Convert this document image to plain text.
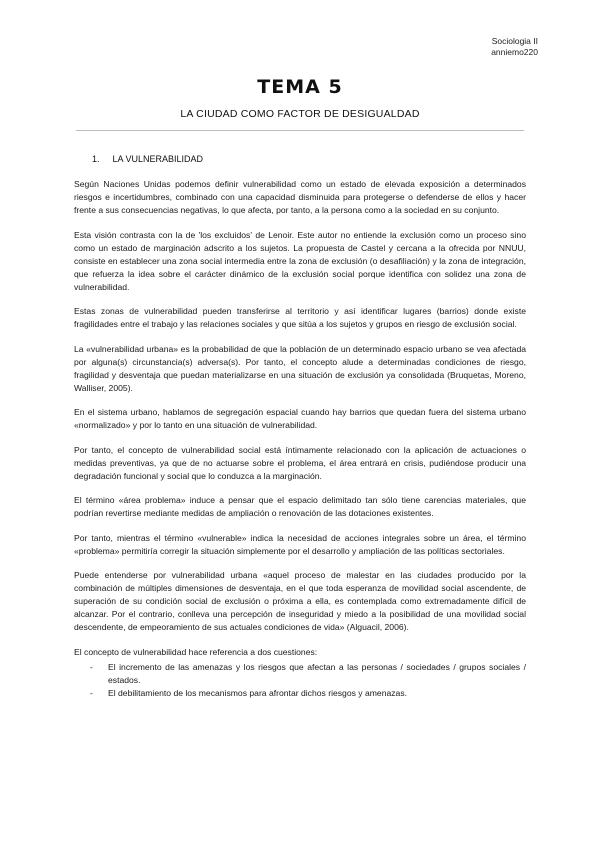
Sociologia II
anniemo220
TEMA 5
LA CIUDAD COMO FACTOR DE DESIGUALDAD
1. LA VULNERABILIDAD

Según Naciones Unidas podemos definir vulnerabilidad como un estado de elevada exposición a determinados riesgos e incertidumbres, combinado con una capacidad disminuida para protegerse o defenderse de ellos y hacer frente a sus consecuencias negativas, lo que afecta, por tanto, a la persona como a la sociedad en su conjunto.

Esta visión contrasta con la de 'los excluidos' de Lenoir. Este autor no entiende la exclusión como un proceso sino como un estado de marginación adscrito a los sujetos. La propuesta de Castel y cercana a la ofrecida por NNUU, consiste en establecer una zona social intermedia entre la zona de exclusión (o desafiliación) y la zona de integración, que refuerza la idea sobre el carácter dinámico de la exclusión social porque identifica con solidez una zona de vulnerabilidad.

Estas zonas de vulnerabilidad pueden transferirse al territorio y así identificar lugares (barrios) donde existe fragilidades entre el trabajo y las relaciones sociales y que sitúa a los sujetos y grupos en riesgo de exclusión social.

La «vulnerabilidad urbana» es la probabilidad de que la población de un determinado espacio urbano se vea afectada por alguna(s) circunstancia(s) adversa(s). Por tanto, el concepto alude a determinadas condiciones de riesgo, fragilidad y desventaja que puedan materializarse en una situación de exclusión ya consolidada (Bruquetas, Moreno, Walliser, 2005).

En el sistema urbano, hablamos de segregación espacial cuando hay barrios que quedan fuera del sistema urbano «normalizado» y por lo tanto en una situación de vulnerabilidad.

Por tanto, el concepto de vulnerabilidad social está íntimamente relacionado con la aplicación de actuaciones o medidas preventivas, ya que de no actuarse sobre el problema, el área entrará en crisis, pudiéndose producir una degradación funcional y social que lo conduzca a la marginación.

El término «área problema» induce a pensar que el espacio delimitado tan sólo tiene carencias materiales, que podrían revertirse mediante medidas de ampliación o renovación de las dotaciones existentes.

Por tanto, mientras el término «vulnerable» indica la necesidad de acciones integrales sobre un área, el término «problema» permitiría corregir la situación simplemente por el desarrollo y ampliación de las políticas sectoriales.

Puede entenderse por vulnerabilidad urbana «aquel proceso de malestar en las ciudades producido por la combinación de múltiples dimensiones de desventaja, en el que toda esperanza de movilidad social ascendente, de superación de su condición social de exclusión o próxima a ella, es contemplada como extremadamente difícil de alcanzar. Por el contrario, conlleva una percepción de inseguridad y miedo a la posibilidad de una movilidad social descendente, de empeoramiento de sus actuales condiciones de vida» (Alguacil, 2006).

El concepto de vulnerabilidad hace referencia a dos cuestiones:

- El incremento de las amenazas y los riesgos que afectan a las personas / sociedades / grupos sociales / estados.
- El debilitamiento de los mecanismos para afrontar dichos riesgos y amenazas.
